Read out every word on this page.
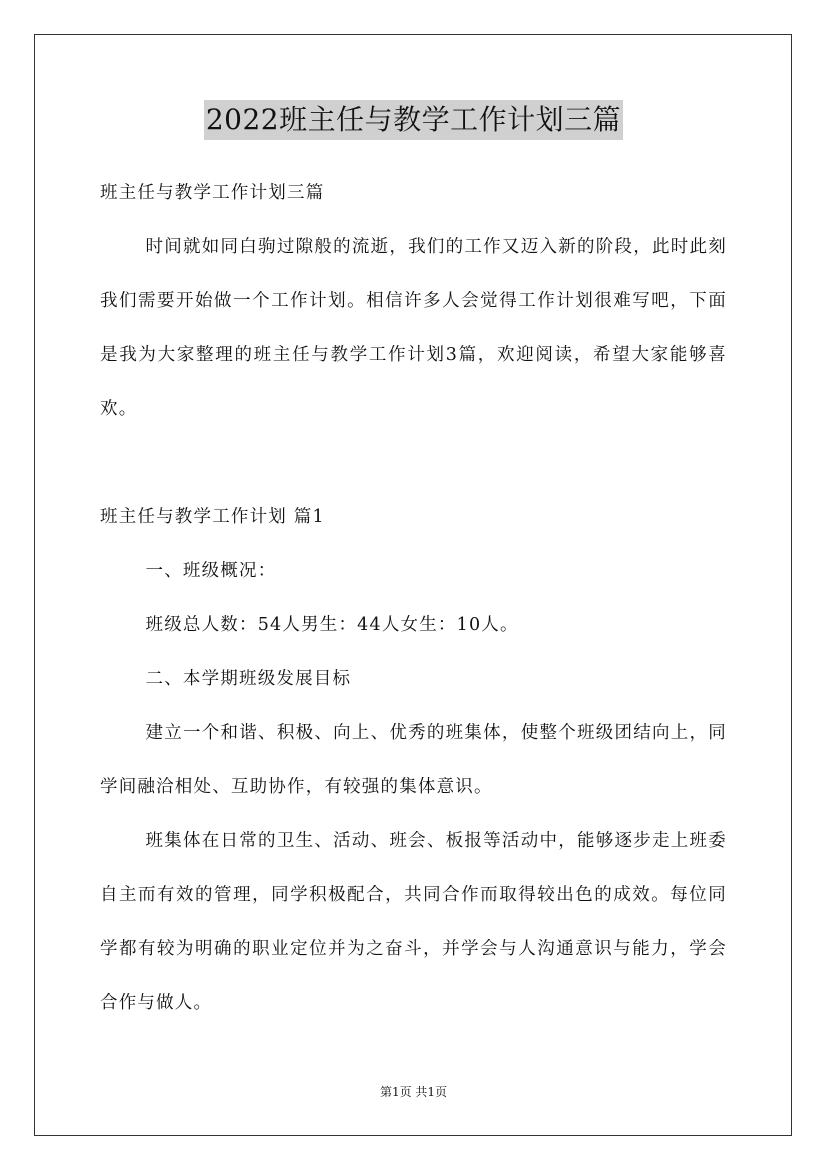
2022班主任与教学工作计划三篇

班主任与教学工作计划三篇

时间就如同白驹过隙般的流逝，我们的工作又迈入新的阶段，此时此刻我们需要开始做一个工作计划。相信许多人会觉得工作计划很难写吧，下面是我为大家整理的班主任与教学工作计划3篇，欢迎阅读，希望大家能够喜欢。

班主任与教学工作计划 篇1

一、班级概况：

班级总人数：54人男生：44人女生：10人。

二、本学期班级发展目标

建立一个和谐、积极、向上、优秀的班集体，使整个班级团结向上，同学间融洽相处、互助协作，有较强的集体意识。

班集体在日常的卫生、活动、班会、板报等活动中，能够逐步走上班委自主而有效的管理，同学积极配合，共同合作而取得较出色的成效。每位同学都有较为明确的职业定位并为之奋斗，并学会与人沟通意识与能力，学会合作与做人。

第1页 共1页
